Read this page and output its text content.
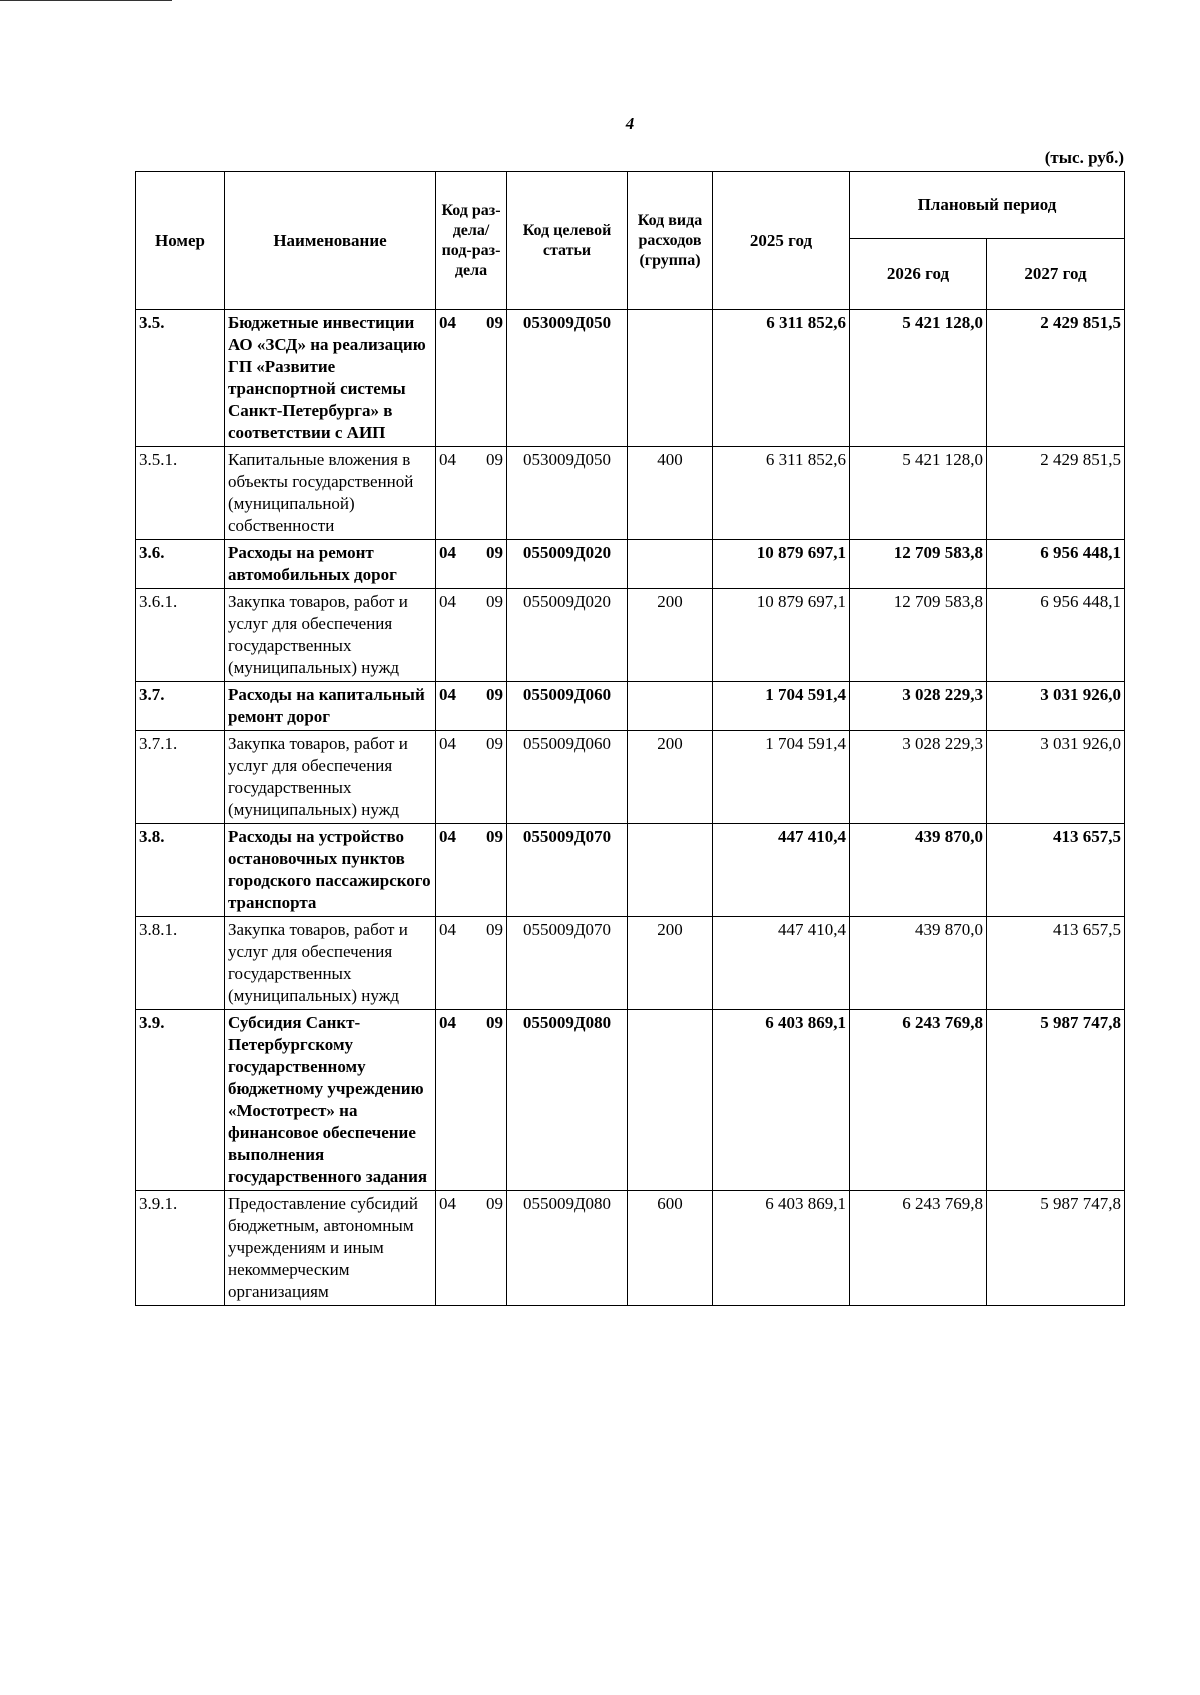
4
(тыс. руб.)
Номер	Наименование	Код раз-дела/ под-раз-дела	Код целевой статьи	Код вида расходов (группа)	2025 год	Плановый период	
						2026 год	2027 год
3.5.	Бюджетные инвестиции АО «ЗСД» на реализацию ГП «Развитие транспортной системы Санкт-Петербурга» в соответствии с АИП	04 09	053009Д050		6 311 852,6	5 421 128,0	2 429 851,5
3.5.1.	Капитальные вложения в объекты государственной (муниципальной) собственности	04 09	053009Д050	400	6 311 852,6	5 421 128,0	2 429 851,5
3.6.	Расходы на ремонт автомобильных дорог	04 09	055009Д020		10 879 697,1	12 709 583,8	6 956 448,1
3.6.1.	Закупка товаров, работ и услуг для обеспечения государственных (муниципальных) нужд	04 09	055009Д020	200	10 879 697,1	12 709 583,8	6 956 448,1
3.7.	Расходы на капитальный ремонт дорог	04 09	055009Д060		1 704 591,4	3 028 229,3	3 031 926,0
3.7.1.	Закупка товаров, работ и услуг для обеспечения государственных (муниципальных) нужд	04 09	055009Д060	200	1 704 591,4	3 028 229,3	3 031 926,0
3.8.	Расходы на устройство остановочных пунктов городского пассажирского транспорта	04 09	055009Д070		447 410,4	439 870,0	413 657,5
3.8.1.	Закупка товаров, работ и услуг для обеспечения государственных (муниципальных) нужд	04 09	055009Д070	200	447 410,4	439 870,0	413 657,5
3.9.	Субсидия Санкт-Петербургскому государственному бюджетному учреждению «Мостотрест» на финансовое обеспечение выполнения государственного задания	04 09	055009Д080		6 403 869,1	6 243 769,8	5 987 747,8
3.9.1.	Предоставление субсидий бюджетным, автономным учреждениям и иным некоммерческим организациям	04 09	055009Д080	600	6 403 869,1	6 243 769,8	5 987 747,8
